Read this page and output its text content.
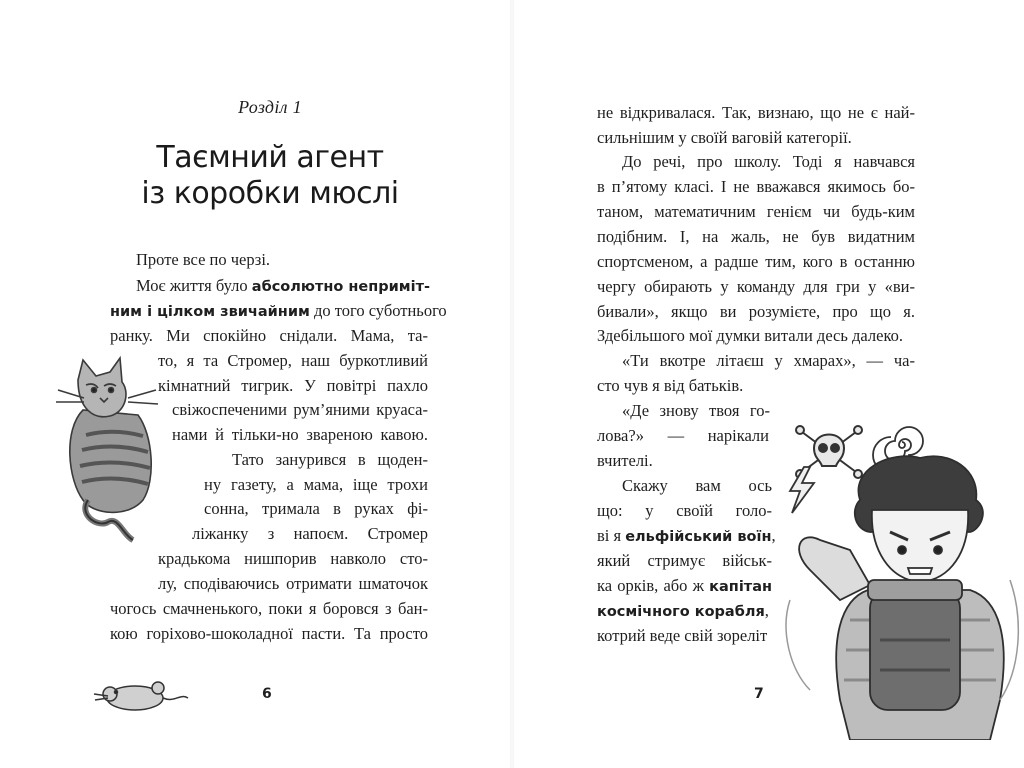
Розділ 1
Таємний агент
із коробки мюслі
Проте все по черзі.
Моє життя було абсолютно неприміт-
ним і цілком звичайним до того суботнього
ранку. Ми спокійно снідали. Мама, та-
то, я та Стромер, наш буркотливий
кімнатний тигрик. У повітрі пахло
свіжоспеченими рум’яними круаса-
нами й тільки-но звареною кавою.
Тато занурився в щоден-
ну газету, а мама, іще трохи
сонна, тримала в руках фі-
ліжанку з напоєм. Стромер
крадькома нишпорив навколо сто-
лу, сподіваючись отримати шматочок
чогось смачненького, поки я боровся з бан-
кою горіхово-шоколадної пасти. Та просто
6
не відкривалася. Так, визнаю, що не є най-
сильнішим у своїй ваговій категорії.
До речі, про школу. Тоді я навчався
в п’ятому класі. І не вважався якимось бо-
таном, математичним генієм чи будь-ким
подібним. І, на жаль, не був видатним
спортсменом, а радше тим, кого в останню
чергу обирають у команду для гри у «ви-
бивали», якщо ви розумієте, про що я.
Здебільшого мої думки витали десь далеко.
«Ти вкотре літаєш у хмарах», — ча-
сто чув я від батьків.
«Де знову твоя го-
лова?» — нарікали
вчителі.
Скажу вам ось
що: у своїй голо-
ві я ельфійський воїн,
який стримує військ-
ка орків, або ж капітан
космічного корабля,
котрий веде свій зореліт
7
